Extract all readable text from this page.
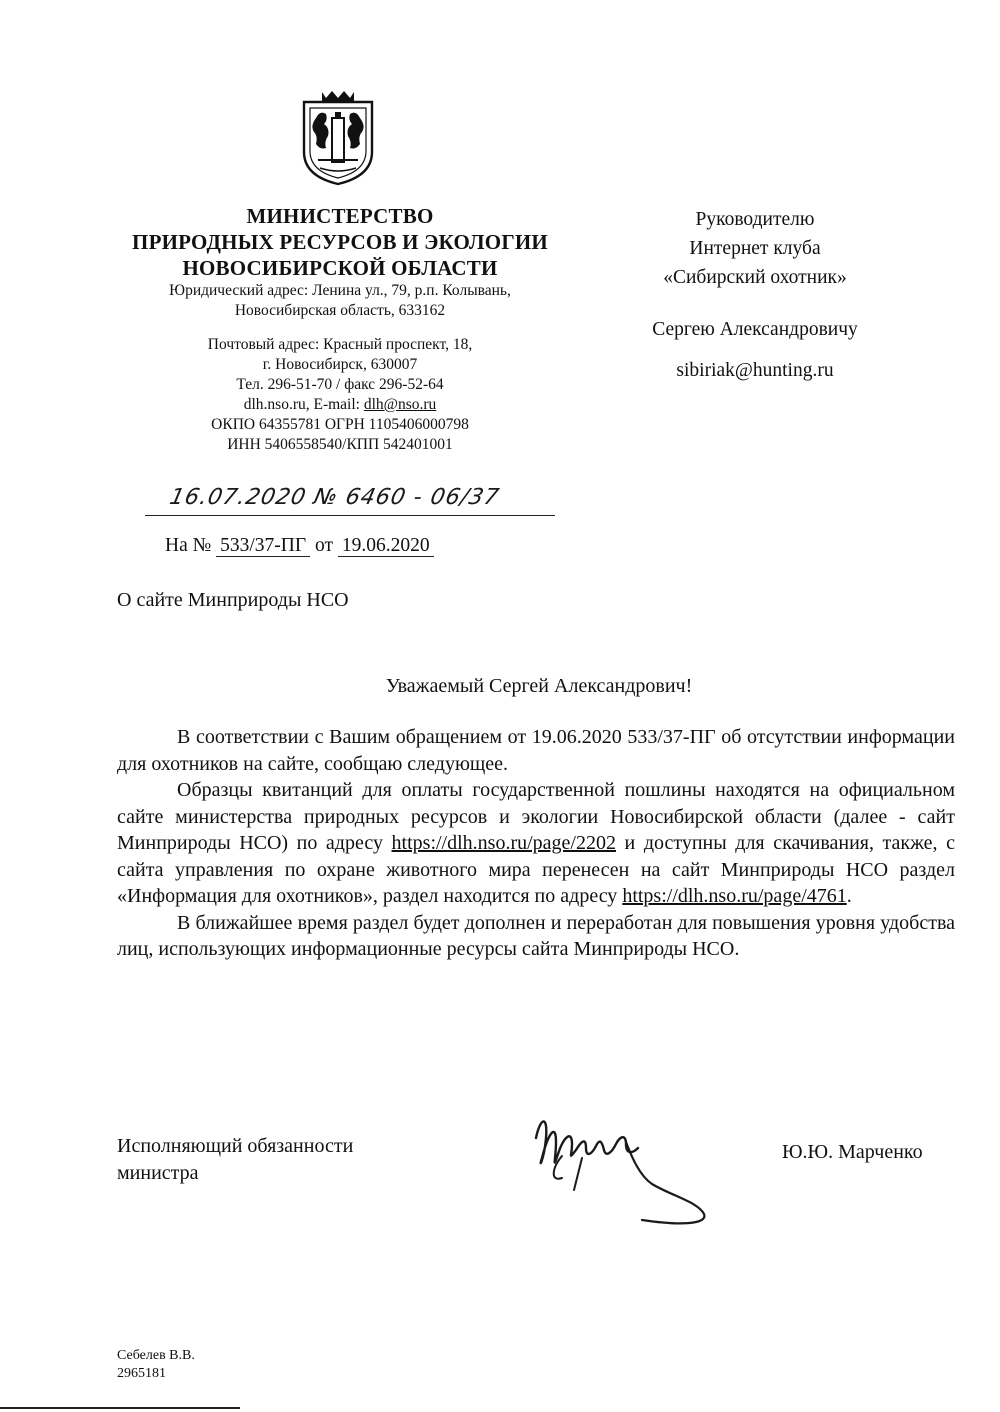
МИНИСТЕРСТВО
ПРИРОДНЫХ РЕСУРСОВ И ЭКОЛОГИИ
НОВОСИБИРСКОЙ ОБЛАСТИ
Юридический адрес: Ленина ул., 79, р.п. Колывань,
Новосибирская область, 633162
Почтовый адрес: Красный проспект, 18,
г. Новосибирск, 630007
Тел. 296-51-70 / факс 296-52-64
dlh.nso.ru, E-mail: dlh@nso.ru
ОКПО 64355781 ОГРН 1105406000798
ИНН 5406558540/КПП 542401001
Руководителю
Интернет клуба
«Сибирский охотник»
Сергею Александровичу
sibiriak@hunting.ru
16.07.2020 № 6460 - 06/37
На № 533/37-ПГ от 19.06.2020
О сайте Минприроды НСО
Уважаемый Сергей Александрович!

В соответствии с Вашим обращением от 19.06.2020 533/37-ПГ об отсутствии информации для охотников на сайте, сообщаю следующее.

Образцы квитанций для оплаты государственной пошлины находятся на официальном сайте министерства природных ресурсов и экологии Новосибирской области (далее - сайт Минприроды НСО) по адресу https://dlh.nso.ru/page/2202 и доступны для скачивания, также, с сайта управления по охране животного мира перенесен на сайт Минприроды НСО раздел «Информация для охотников», раздел находится по адресу https://dlh.nso.ru/page/4761.

В ближайшее время раздел будет дополнен и переработан для повышения уровня удобства лиц, использующих информационные ресурсы сайта Минприроды НСО.

Исполняющий обязанности
министра
Ю.Ю. Марченко
Себелев В.В.
2965181
